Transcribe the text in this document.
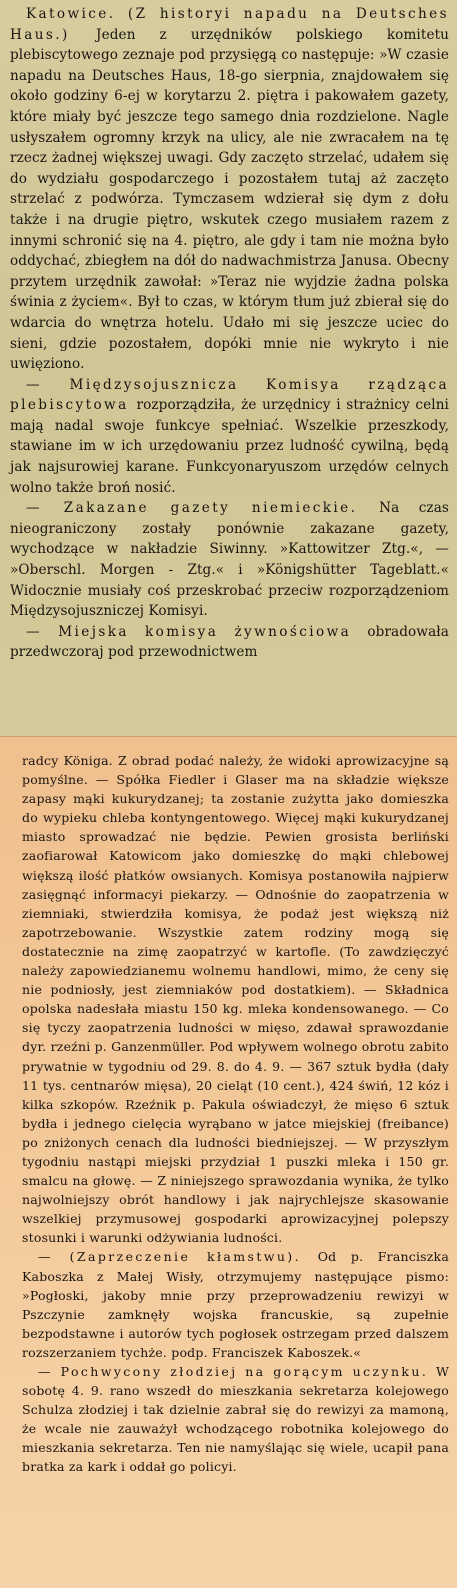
Katowice. (Z historyi napadu na Deutsches Haus.) Jeden z urzędników polskiego komitetu plebiscytowego zeznaje pod przysięgą co następuje: »W czasie napadu na Deutsches Haus, 18-go sierpnia, znajdowałem się około godziny 6-ej w korytarzu 2. piętra i pakowałem gazety, które miały być jeszcze tego samego dnia rozdzielone. Nagle usłyszałem ogromny krzyk na ulicy, ale nie zwracałem na tę rzecz żadnej większej uwagi. Gdy zaczęto strzelać, udałem się do wydziału gospodarczego i pozostałem tutaj aż zaczęto strzelać z podwórza. Tymczasem wdzierał się dym z dołu także i na drugie piętro, wskutek czego musiałem razem z innymi schronić się na 4. piętro, ale gdy i tam nie można było oddychać, zbiegłem na dół do nadwachmistrza Janusa. Obecny przytem urzędnik zawołał: »Teraz nie wyjdzie żadna polska świnia z życiem«. Był to czas, w którym tłum już zbierał się do wdarcia do wnętrza hotelu. Udało mi się jeszcze uciec do sieni, gdzie pozostałem, dopóki mnie nie wykryto i nie uwięziono.

— Międzysojusznicza Komisya rządząca plebiscytowa rozporządziła, że urzędnicy i strażnicy celni mają nadal swoje funkcye spełniać. Wszelkie przeszkody, stawiane im w ich urzędowaniu przez ludność cywilną, będą jak najsurowiej karane. Funkcyonaryuszom urzędów celnych wolno także broń nosić.

— Zakazane gazety niemieckie. Na czas nieograniczony zostały ponównie zakazane gazety, wychodzące w nakładzie Siwinny. »Kattowitzer Ztg.«, — »Oberschl. Morgen - Ztg.« i »Königshütter Tageblatt.« Widocznie musiały coś przeskrobać przeciw rozporządzeniom Międzysojuszniczej Komisyi.

— Miejska komisya żywnościowa obradowała przedwczoraj pod przewodnictwem

radcy Königa. Z obrad podać należy, że widoki aprowizacyjne są pomyślne. — Spółka Fiedler i Glaser ma na składzie większe zapasy mąki kukurydzanej; ta zostanie zużytta jako domieszka do wypieku chleba kontyngentowego. Więcej mąki kukurydzanej miasto sprowadzać nie będzie. Pewien grosista berliński zaofiarował Katowicom jako domieszkę do mąki chlebowej większą ilość płatków owsianych. Komisya postanowiła najpierw zasięgnąć informacyi piekarzy. — Odnośnie do zaopatrzenia w ziemniaki, stwierdziła komisya, że podaż jest większą niż zapotrzebowanie. Wszystkie zatem rodziny mogą się dostatecznie na zimę zaopatrzyć w kartofle. (To zawdzięczyć należy zapowiedzianemu wolnemu handlowi, mimo, że ceny się nie podniosły, jest ziemniaków pod dostatkiem). — Składnica opolska nadesłała miastu 150 kg. mleka kondensowanego. — Co się tyczy zaopatrzenia ludności w mięso, zdawał sprawozdanie dyr. rzeźni p. Ganzenmüller. Pod wpływem wolnego obrotu zabito prywatnie w tygodniu od 29. 8. do 4. 9. — 367 sztuk bydła (dały 11 tys. centnarów mięsa), 20 cieląt (10 cent.), 424 świń, 12 kóz i kilka szkopów. Rzeźnik p. Pakula oświadczył, że mięso 6 sztuk bydła i jednego cielęcia wyrąbano w jatce miejskiej (freibance) po zniżonych cenach dla ludności biedniejszej. — W przyszłym tygodniu nastąpi miejski przydział 1 puszki mleka i 150 gr. smalcu na głowę. — Z niniejszego sprawozdania wynika, że tylko najwolniejszy obrót handlowy i jak najrychlejsze skasowanie wszelkiej przymusowej gospodarki aprowizacyjnej polepszy stosunki i warunki odżywiania ludności.

— (Zaprzeczenie kłamstwu). Od p. Franciszka Kaboszka z Małej Wisły, otrzymujemy następujące pismo: »Pogłoski, jakoby mnie przy przeprowadzeniu rewizyi w Pszczynie zamknęły wojska francuskie, są zupełnie bezpodstawne i autorów tych pogłosek ostrzegam przed dalszem rozszerzaniem tychże. podp. Franciszek Kaboszek.«

— Pochwycony złodziej na gorącym uczynku. W sobotę 4. 9. rano wszedł do mieszkania sekretarza kolejowego Schulza złodziej i tak dzielnie zabrał się do rewizyi za mamoną, że wcale nie zauważył wchodzącego robotnika kolejowego do mieszkania sekretarza. Ten nie namyślając się wiele, ucapił pana bratka za kark i oddał go policyi.
